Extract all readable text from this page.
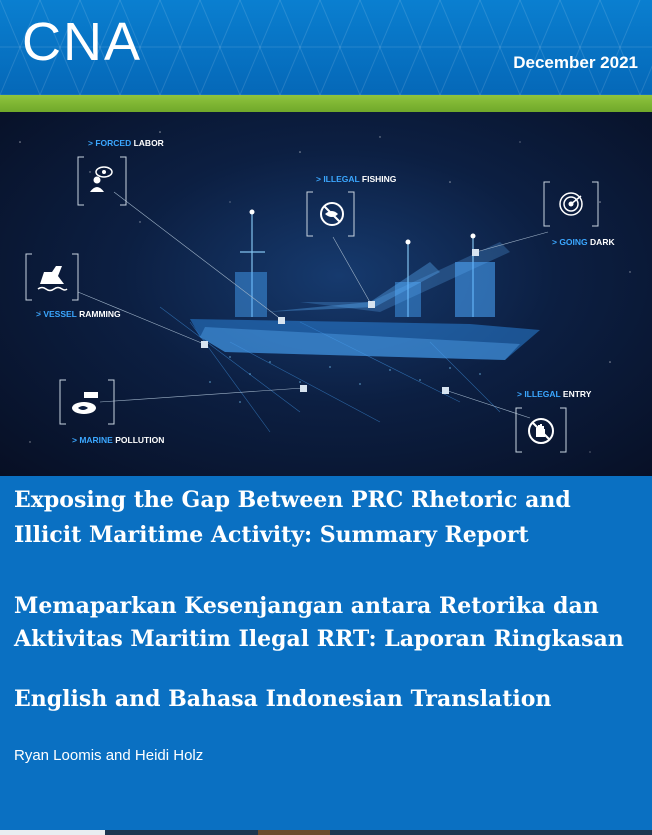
CNA	December 2021
> FORCED LABOR
> ILLEGAL FISHING
> GOING DARK
> VESSEL RAMMING
> MARINE POLLUTION
> ILLEGAL ENTRY
Exposing the Gap Between PRC Rhetoric and Illicit Maritime Activity: Summary Report
Memaparkan Kesenjangan antara Retorika dan Aktivitas Maritim Ilegal RRT: Laporan Ringkasan
English and Bahasa Indonesian Translation
Ryan Loomis and Heidi Holz
